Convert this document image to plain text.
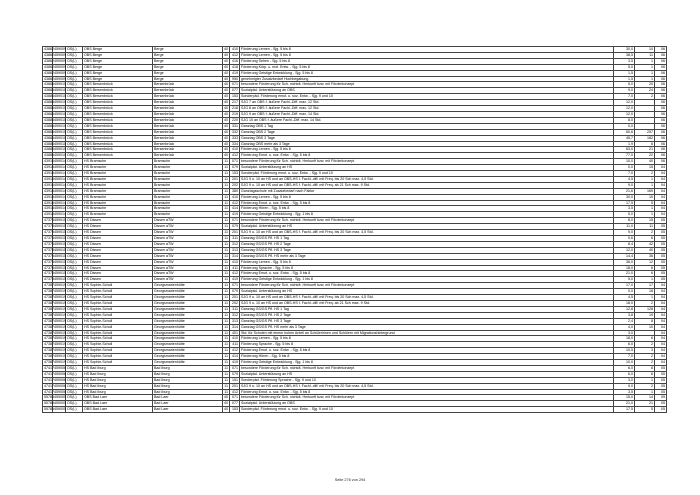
43862	459009	OS(L)	OBS Berge	Berge	40	410	Förderung Lernen - Sjg. 5 bis 8	30,0	10	06
43862	459009	OS(L)	OBS Berge	Berge	40	412	Förderung Lernen - Sjg. 5 bis 8	38,5	11	06
43862	459009	OS(L)	OBS Berge	Berge	40	416	Förderung Sehen - Sjg. 5 bis 8	3,5	1	06
43862	459009	OS(L)	OBS Berge	Berge	40	418	Förderung Körp. u. mot. Entw. - Sjg. 5 bis 8	5,0	1	06
43862	459009	OS(L)	OBS Berge	Berge	40	419	Förderung Geistige Entwicklung - Sjg. 5 bis 8	1,5	1	06
43862	459009	OS(L)	OBS Berge	Berge	40	950	genehmigter Zusatzbedarf Hochbegabung	1,5	1	06
43886	459010	OS(L)	OBS Bersenbrück	Bersenbrück	40	071	besondere Förderung für Sch. nichtdt. Herkunft bzw. mit Förderkonzept	5,0	20	06
43886	459010	OS(L)	OBS Bersenbrück	Bersenbrück	40	077	Sozialpäd. Unterstützung an OBS	9,0	24	06
43886	459010	OS(L)	OBS Bersenbrück	Bersenbrück	40	153	Sonderpäd. Förderung emot. u. soz. Entw. - Sjg. 9 und 10	7,0	2	06
43886	459010	OS(L)	OBS Bersenbrück	Bersenbrück	40	217	SJG 7 an OBS f. äußere Fachl.-Diff. max. 12 Std.	12,0		06
43886	459010	OS(L)	OBS Bersenbrück	Bersenbrück	40	218	SJG 8 an OBS f. äußere Fachl.-Diff. max. 12 Std.	12,0		06
43886	459010	OS(L)	OBS Bersenbrück	Bersenbrück	40	219	SJG 9 an OBS f. äußere Fachl.-Diff. max. 14 Std.	12,0		06
43886	459010	OS(L)	OBS Bersenbrück	Bersenbrück	40	220	SJG 10 an OBS f. äußere Fachl.-Diff. max. 14 Std.	8,0		06
43886	459010	OS(L)	OBS Bersenbrück	Bersenbrück	40	331	Ganztag OBS 1 Tag	0,0		06
43886	459010	OS(L)	OBS Bersenbrück	Bersenbrück	40	332	Ganztag OBS 2 Tage	60,6	257	06
43886	459010	OS(L)	OBS Bersenbrück	Bersenbrück	40	333	Ganztag OBS 3 Tage	45,7	182	06
43886	459010	OS(L)	OBS Bersenbrück	Bersenbrück	40	334	Ganztag OBS mehr als 3 Tage	1,9	6	06
43886	459010	OS(L)	OBS Bersenbrück	Bersenbrück	40	410	Förderung Lernen - Sjg. 5 bis 8	63,0	21	06
43886	459010	OS(L)	OBS Bersenbrück	Bersenbrück	40	412	Förderung Emot. u. soz. Entw. - Sjg. 5 bis 8	77,0	22	06
43916	459014	OS(L)	HS Bramsche	Bramsche	11	071	besondere Förderung für Sch. nichtdt. Herkunft bzw. mit Förderkonzept	10,0	40	06
43916	459014	OS(L)	HS Bramsche	Bramsche	11	079	Sozialpäd. Unterstützung an HS	0,0	15	04
43916	459014	OS(L)	HS Bramsche	Bramsche	11	153	Sonderpäd. Förderung emot. u. soz. Entw. - Sjg. 9 und 10	7,0	2	04
43916	459014	OS(L)	HS Bramsche	Bramsche	11	201	SJG 9 u. 10 an HS und an OBS-HS f. Fachl.-diff. mit Freq. bis 20 Sch max. 4,5 Std.	4,5	1	04
43916	459014	OS(L)	HS Bramsche	Bramsche	11	202	SJG 9 u. 10 an HS und an OBS-HS f. Fachl.-diff. mit Freq. ab 21 Sch max. 9 Std.	9,0	1	04
43916	459014	OS(L)	HS Bramsche	Bramsche	11	380	Ganztagsschule mit Zusatzbedarf nach Faktor	21,6	169	04
43916	459014	OS(L)	HS Bramsche	Bramsche	11	410	Förderung Lernen - Sjg. 5 bis 8	30,0	10	04
43916	459014	OS(L)	HS Bramsche	Bramsche	11	412	Förderung Emot. u. soz. Entw. - Sjg. 5 bis 8	17,5	5	04
43916	459014	OS(L)	HS Bramsche	Bramsche	11	414	Förderung Hören - Sjg. 5 bis 8	3,5	1	04
43916	459014	OS(L)	HS Bramsche	Bramsche	11	419	Förderung Geistige Entwicklung - Sjg. 1 bis 8	5,0	1	04
47375	459015	OS(L)	HS Dissen	Dissen aTW	11	071	besondere Förderung für Sch. nichtdt. Herkunft bzw. mit Förderkonzept	8,0	15	05
47375	459015	OS(L)	HS Dissen	Dissen aTW	11	079	Sozialpäd. Unterstützung an HS	11,0	11	05
47375	459015	OS(L)	HS Dissen	Dissen aTW	11	201	SJG 9 u. 10 an HS und an OBS-HS f. Fachl.-diff. mit Freq. bis 20 Sch max. 4,5 Std.	9,0	2	05
47375	459015	OS(L)	HS Dissen	Dissen aTW	11	311	Ganztag GS/GS Pfl. HS 1 Tag	0,6	6	05
47375	459015	OS(L)	HS Dissen	Dissen aTW	11	312	Ganztag GS/GS Pfl. HS 2 Tage	8,4	42	05
47375	459015	OS(L)	HS Dissen	Dissen aTW	11	313	Ganztag GS/GS Pfl. HS 3 Tage	12,0	40	05
47375	459015	OS(L)	HS Dissen	Dissen aTW	11	314	Ganztag GS/GS Pfl. HS mehr als 3 Tage	14,4	36	05
47375	459015	OS(L)	HS Dissen	Dissen aTW	11	410	Förderung Lernen - Sjg. 5 bis 8	36,0	12	05
47375	459015	OS(L)	HS Dissen	Dissen aTW	11	411	Förderung Sprache - Sjg. 5 bis 8	18,0	6	05
47375	459015	OS(L)	HS Dissen	Dissen aTW	11	412	Förderung Emot. u. soz. Entw. - Sjg. 5 bis 8	21,0	6	05
47375	459015	OS(L)	HS Dissen	Dissen aTW	11	419	Förderung Geistige Entwicklung - Sjg. 1 bis 8	5,0	1	05
47387	459019	OS(L)	HS Sophie-Scholl	Georgsmarienhütte	11	071	besondere Förderung für Sch. nichtdt. Herkunft bzw. mit Förderkonzept	17,0	17	04
47387	459019	OS(L)	HS Sophie-Scholl	Georgsmarienhütte	11	079	Sozialpäd. Unterstützung an HS	0,0	18	04
47387	459019	OS(L)	HS Sophie-Scholl	Georgsmarienhütte	11	201	SJG 9 u. 10 an HS und an OBS-HS f. Fachl.-diff. mit Freq. bis 20 Sch max. 4,5 Std.	4,5	1	04
47387	459019	OS(L)	HS Sophie-Scholl	Georgsmarienhütte	11	202	SJG 9 u. 10 an HS und an OBS-HS f. Fachl.-diff. mit Freq. ab 21 Sch max. 9 Std.	18,0	2	04
47387	459019	OS(L)	HS Sophie-Scholl	Georgsmarienhütte	11	311	Ganztag GS/GS Pfl. HS 1 Tag	12,8	128	04
47387	459019	OS(L)	HS Sophie-Scholl	Georgsmarienhütte	11	312	Ganztag GS/GS Pfl. HS 2 Tage	3,8	19	04
47387	459019	OS(L)	HS Sophie-Scholl	Georgsmarienhütte	11	313	Ganztag GS/GS Pfl. HS 3 Tage	2,4	8	04
47387	459019	OS(L)	HS Sophie-Scholl	Georgsmarienhütte	11	314	Ganztag GS/GS Pfl. HS mehr als 3 Tage	4,0	10	04
47387	459019	OS(L)	HS Sophie-Scholl	Georgsmarienhütte	11	401	Std. für Schulen mit einem hohen Anteil an Schülerinnen und Schülern mit Migrationshintergrund	3,0		04
47387	459019	OS(L)	HS Sophie-Scholl	Georgsmarienhütte	11	410	Förderung Lernen - Sjg. 5 bis 8	18,0	6	04
47387	459019	OS(L)	HS Sophie-Scholl	Georgsmarienhütte	11	411	Förderung Sprache - Sjg. 5 bis 8	6,0	2	04
47387	459019	OS(L)	HS Sophie-Scholl	Georgsmarienhütte	11	412	Förderung Emot. u. soz. Entw. - Sjg. 5 bis 8	10,5	3	04
47387	459019	OS(L)	HS Sophie-Scholl	Georgsmarienhütte	11	414	Förderung Hören - Sjg. 5 bis 8	7,0	2	04
47387	459019	OS(L)	HS Sophie-Scholl	Georgsmarienhütte	11	419	Förderung Geistige Entwicklung - Sjg. 1 bis 8	10,0	2	04
47417	459006	OS(L)	HS Bad Iburg	Bad Iburg	11	071	besondere Förderung für Sch. nichtdt. Herkunft bzw. mit Förderkonzept	6,0	8	05
47417	459006	OS(L)	HS Bad Iburg	Bad Iburg	11	079	Sozialpäd. Unterstützung an HS	6,0	6	05
47417	459006	OS(L)	HS Bad Iburg	Bad Iburg	11	151	Sonderpäd. Förderung Sprache - Sjg. 9 und 10	3,0	1	05
47417	459006	OS(L)	HS Bad Iburg	Bad Iburg	11	201	SJG 9 u. 10 an HS und an OBS-HS f. Fachl.-diff. mit Freq. bis 20 Sch max. 4,5 Std.	9,0	2	05
47417	459006	OS(L)	HS Bad Iburg	Bad Iburg	11	412	Förderung Emot. u. soz. Entw. - Sjg. 5 bis 8	3,5	1	05
55785	459005	OS(L)	OBS Bad Laer	Bad Laer	40	071	besondere Förderung für Sch. nichtdt. Herkunft bzw. mit Förderkonzept	15,0	14	05
55785	459005	OS(L)	OBS Bad Laer	Bad Laer	40	077	Sozialpäd. Unterstützung an OBS	21,0	21	05
55785	459005	OS(L)	OBS Bad Laer	Bad Laer	40	153	Sonderpäd. Förderung emot. u. soz. Entw. - Sjg. 9 und 10	17,5	5	05
Seite 276 von 294
